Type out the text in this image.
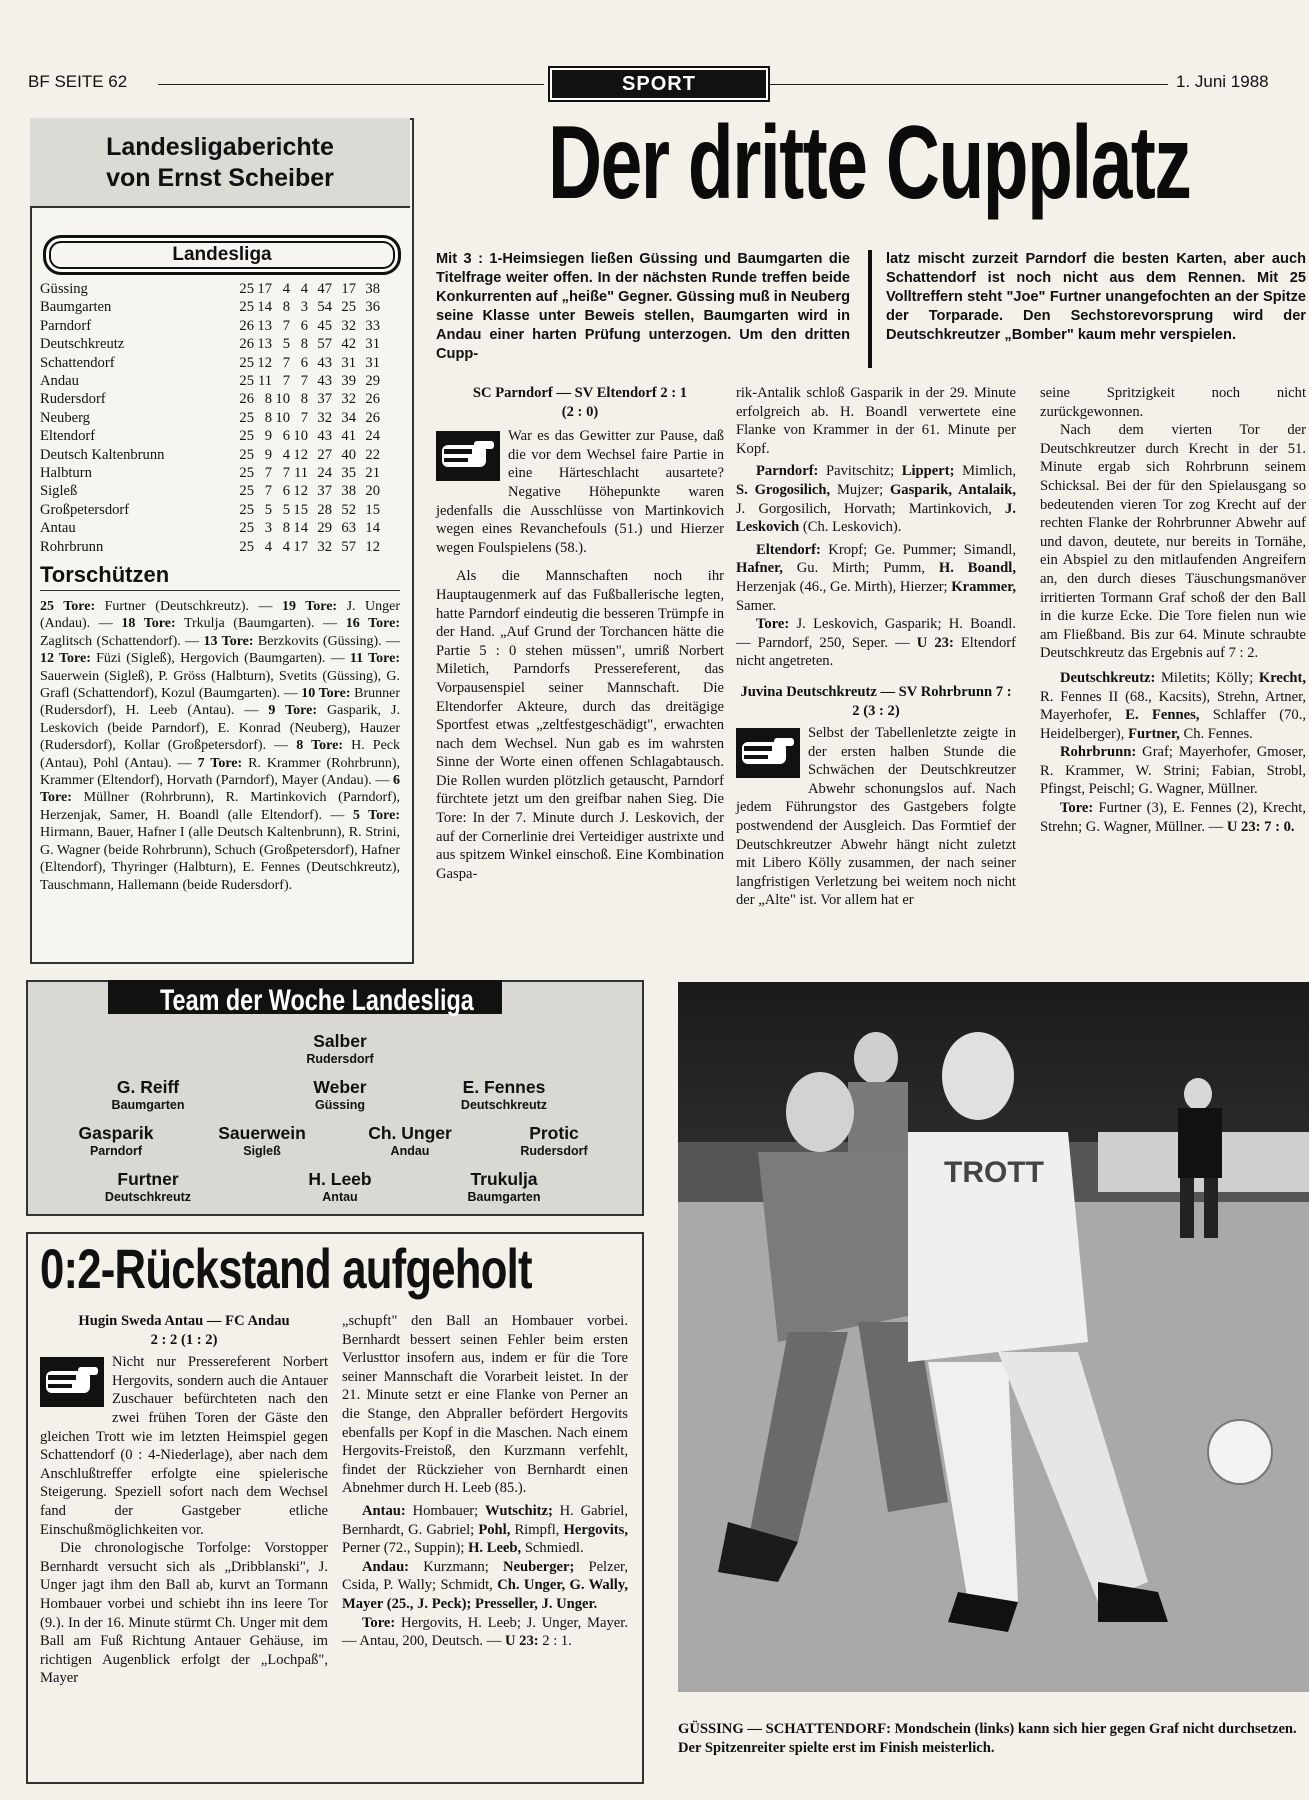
BF SEITE 62	SPORT	1. Juni 1988
Landesligaberichte
von Ernst Scheiber
Landesliga
Güssing	25	17	4	4	47	17	38
Baumgarten	25	14	8	3	54	25	36
Parndorf	26	13	7	6	45	32	33
Deutschkreutz	26	13	5	8	57	42	31
Schattendorf	25	12	7	6	43	31	31
Andau	25	11	7	7	43	39	29
Rudersdorf	26	8	10	8	37	32	26
Neuberg	25	8	10	7	32	34	26
Eltendorf	25	9	6	10	43	41	24
Deutsch Kaltenbrunn	25	9	4	12	27	40	22
Halbturn	25	7	7	11	24	35	21
Sigleß	25	7	6	12	37	38	20
Großpetersdorf	25	5	5	15	28	52	15
Antau	25	3	8	14	29	63	14
Rohrbrunn	25	4	4	17	32	57	12
Torschützen
25 Tore: Furtner (Deutschkreutz). — 19 Tore: J. Unger (Andau). — 18 Tore: Trkulja (Baumgarten). — 16 Tore: Zaglitsch (Schattendorf). — 13 Tore: Berzkovits (Güssing). — 12 Tore: Füzi (Sigleß), Hergovich (Baumgarten). — 11 Tore: Sauerwein (Sigleß), P. Gröss (Halbturn), Svetits (Güssing), G. Grafl (Schattendorf), Kozul (Baumgarten). — 10 Tore: Brunner (Rudersdorf), H. Leeb (Antau). — 9 Tore: Gasparik, J. Leskovich (beide Parndorf), E. Konrad (Neuberg), Hauzer (Rudersdorf), Kollar (Großpetersdorf). — 8 Tore: H. Peck (Antau), Pohl (Antau). — 7 Tore: R. Krammer (Rohrbrunn), Krammer (Eltendorf), Horvath (Parndorf), Mayer (Andau). — 6 Tore: Müllner (Rohrbrunn), R. Martinkovich (Parndorf), Herzenjak, Samer, H. Boandl (alle Eltendorf). — 5 Tore: Hirmann, Bauer, Hafner I (alle Deutsch Kaltenbrunn), R. Strini, G. Wagner (beide Rohrbrunn), Schuch (Großpetersdorf), Hafner (Eltendorf), Thyringer (Halbturn), E. Fennes (Deutschkreutz), Tauschmann, Hallemann (beide Rudersdorf).
Der dritte Cupplatz
Mit 3 : 1-Heimsiegen ließen Güssing und Baumgarten die Titelfrage weiter offen. In der nächsten Runde treffen beide Konkurrenten auf „heiße" Gegner. Güssing muß in Neuberg seine Klasse unter Beweis stellen, Baumgarten wird in Andau einer harten Prüfung unterzogen. Um den dritten Cupp-
latz mischt zurzeit Parndorf die besten Karten, aber auch Schattendorf ist noch nicht aus dem Rennen. Mit 25 Volltreffern steht "Joe" Furtner unangefochten an der Spitze der Torparade. Den Sechstorevorsprung wird der Deutschkreutzer „Bomber" kaum mehr verspielen.

SC Parndorf — SV Eltendorf 2 : 1
(2 : 0)

War es das Gewitter zur Pause, daß die vor dem Wechsel faire Partie in eine Härteschlacht ausartete? Negative Höhepunkte waren jedenfalls die Ausschlüsse von Martinkovich wegen eines Revanchefouls (51.) und Hierzer wegen Foulspielens (58.).

Als die Mannschaften noch ihr Hauptaugenmerk auf das Fußballerische legten, hatte Parndorf eindeutig die besseren Trümpfe in der Hand. „Auf Grund der Torchancen hätte die Partie 5 : 0 stehen müssen", umriß Norbert Miletich, Parndorfs Pressereferent, das Vorpausenspiel seiner Mannschaft. Die Eltendorfer Akteure, durch das dreitägige Sportfest etwas „zeltfestgeschädigt", erwachten nach dem Wechsel. Nun gab es im wahrsten Sinne der Worte einen offenen Schlagabtausch. Die Rollen wurden plötzlich getauscht, Parndorf fürchtete jetzt um den greifbar nahen Sieg. Die Tore: In der 7. Minute durch J. Leskovich, der auf der Cornerlinie drei Verteidiger austrixte und aus spitzem Winkel einschoß. Eine Kombination Gaspa-

rik-Antalik schloß Gasparik in der 29. Minute erfolgreich ab. H. Boandl verwertete eine Flanke von Krammer in der 61. Minute per Kopf.

Parndorf: Pavitschitz; Lippert; Mimlich, S. Grogosilich, Mujzer; Gasparik, Antalaik, J. Gorgosilich, Horvath; Martinkovich, J. Leskovich (Ch. Leskovich).

Eltendorf: Kropf; Ge. Pummer; Simandl, Hafner, Gu. Mirth; Pumm, H. Boandl, Herzenjak (46., Ge. Mirth), Hierzer; Krammer, Samer.

Tore: J. Leskovich, Gasparik; H. Boandl. — Parndorf, 250, Seper. — U 23: Eltendorf nicht angetreten.

Juvina Deutschkreutz — SV Rohrbrunn 7 : 2 (3 : 2)

Selbst der Tabellenletzte zeigte in der ersten halben Stunde die Schwächen der Deutschkreutzer Abwehr schonungslos auf. Nach jedem Führungstor des Gastgebers folgte postwendend der Ausgleich. Das Formtief der Deutschkreutzer Abwehr hängt nicht zuletzt mit Libero Kölly zusammen, der nach seiner langfristigen Verletzung bei weitem noch nicht der „Alte" ist. Vor allem hat er

seine Spritzigkeit noch nicht zurückgewonnen.

Nach dem vierten Tor der Deutschkreutzer durch Krecht in der 51. Minute ergab sich Rohrbrunn seinem Schicksal. Bei der für den Spielausgang so bedeutenden vieren Tor zog Krecht auf der rechten Flanke der Rohrbrunner Abwehr auf und davon, deutete, nur bereits in Tornähe, ein Abspiel zu den mitlaufenden Angreifern an, den durch dieses Täuschungsmanöver irritierten Tormann Graf schoß der den Ball in die kurze Ecke. Die Tore fielen nun wie am Fließband. Bis zur 64. Minute schraubte Deutschkreutz das Ergebnis auf 7 : 2.

Deutschkreutz: Miletits; Kölly; Krecht, R. Fennes II (68., Kacsits), Strehn, Artner, Mayerhofer, E. Fennes, Schlaffer (70., Heidelberger), Furtner, Ch. Fennes.

Rohrbrunn: Graf; Mayerhofer, Gmoser, R. Krammer, W. Strini; Fabian, Strobl, Pfingst, Peischl; G. Wagner, Müllner.

Tore: Furtner (3), E. Fennes (2), Krecht, Strehn; G. Wagner, Müllner. — U 23: 7 : 0.

Team der Woche Landesliga
Salber
Rudersdorf
G. Reiff
Baumgarten
Weber
Güssing
E. Fennes
Deutschkreutz
Gasparik
Parndorf
Sauerwein
Sigleß
Ch. Unger
Andau
Protic
Rudersdorf
Furtner
Deutschkreutz
H. Leeb
Antau
Trukulja
Baumgarten
0:2-Rückstand aufgeholt

Hugin Sweda Antau — FC Andau
2 : 2 (1 : 2)

Nicht nur Pressereferent Norbert Hergovits, sondern auch die Antauer Zuschauer befürchteten nach den zwei frühen Toren der Gäste den gleichen Trott wie im letzten Heimspiel gegen Schattendorf (0 : 4-Niederlage), aber nach dem Anschlußtreffer erfolgte eine spielerische Steigerung. Speziell sofort nach dem Wechsel fand der Gastgeber etliche Einschußmöglichkeiten vor.

Die chronologische Torfolge: Vorstopper Bernhardt versucht sich als „Dribblanski", J. Unger jagt ihm den Ball ab, kurvt an Tormann Hombauer vorbei und schiebt ihn ins leere Tor (9.). In der 16. Minute stürmt Ch. Unger mit dem Ball am Fuß Richtung Antauer Gehäuse, im richtigen Augenblick erfolgt der „Lochpaß", Mayer

„schupft" den Ball an Hombauer vorbei. Bernhardt bessert seinen Fehler beim ersten Verlusttor insofern aus, indem er für die Tore seiner Mannschaft die Vorarbeit leistet. In der 21. Minute setzt er eine Flanke von Perner an die Stange, den Abpraller befördert Hergovits ebenfalls per Kopf in die Maschen. Nach einem Hergovits-Freistoß, den Kurzmann verfehlt, findet der Rückzieher von Bernhardt einen Abnehmer durch H. Leeb (85.).

Antau: Hombauer; Wutschitz; H. Gabriel, Bernhardt, G. Gabriel; Pohl, Rimpfl, Hergovits, Perner (72., Suppin); H. Leeb, Schmiedl.

Andau: Kurzmann; Neuberger; Pelzer, Csida, P. Wally; Schmidt, Ch. Unger, G. Wally, Mayer (25., J. Peck); Presseller, J. Unger.

Tore: Hergovits, H. Leeb; J. Unger, Mayer. — Antau, 200, Deutsch. — U 23: 2 : 1.

TROTT
GÜSSING — SCHATTENDORF: Mondschein (links) kann sich hier gegen Graf nicht durchsetzen. Der Spitzenreiter spielte erst im Finish meisterlich.
